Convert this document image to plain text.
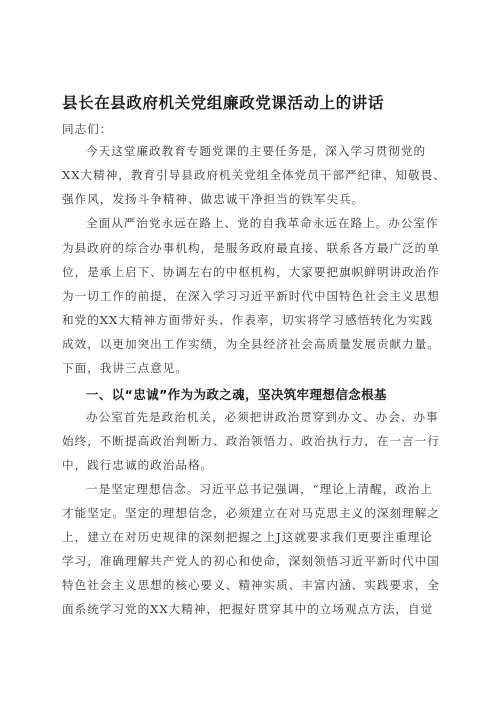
县长在县政府机关党组廉政党课活动上的讲话
同志们：
今天这堂廉政教育专题党课的主要任务是，深入学习贯彻党的
XX大精神，教育引导县政府机关党组全体党员干部严纪律、知敬畏、
强作风，发扬斗争精神、做忠诚干净担当的铁军尖兵。
全面从严治党永远在路上、党的自我革命永远在路上。办公室作
为县政府的综合办事机构，是服务政府最直接、联系各方最广泛的单
位，是承上启下、协调左右的中枢机构，大家要把旗帜鲜明讲政治作
为一切工作的前提，在深入学习习近平新时代中国特色社会主义思想
和党的XX大精神方面带好头、作表率，切实将学习感悟转化为实践
成效，以更加突出工作实绩，为全县经济社会高质量发展贡献力量。
下面，我讲三点意见。
一、以“忠诚”作为为政之魂，坚决筑牢理想信念根基
办公室首先是政治机关，必须把讲政治贯穿到办文、办会、办事
始终，不断提高政治判断力、政治领悟力、政治执行力，在一言一行
中，践行忠诚的政治品格。
一是坚定理想信念。习近平总书记强调，“理论上清醒，政治上
才能坚定。坚定的理想信念，必须建立在对马克思主义的深刻理解之
上，建立在对历史规律的深刻把握之上J这就要求我们更要注重理论
学习，准确理解共产党人的初心和使命，深刻领悟习近平新时代中国
特色社会主义思想的核心要义、精神实质、丰富内涵、实践要求，全
面系统学习党的XX大精神，把握好贯穿其中的立场观点方法，自觉
